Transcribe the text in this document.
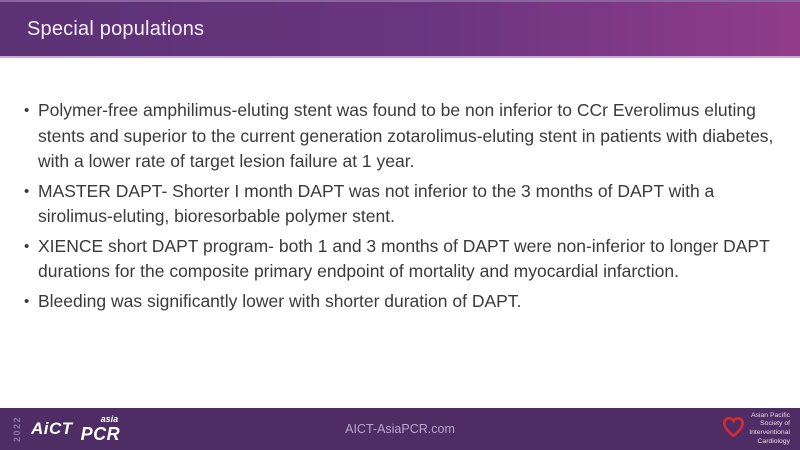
Special populations
• Polymer-free amphilimus-eluting stent was found to be non inferior to CCr Everolimus eluting stents and superior to the current generation zotarolimus-eluting stent in patients with diabetes, with a lower rate of target lesion failure at 1 year.
• MASTER DAPT- Shorter I month DAPT was not inferior to the 3 months of DAPT with a sirolimus-eluting, bioresorbable polymer stent.
• XIENCE short DAPT program- both 1 and 3 months of DAPT were non-inferior to longer DAPT durations for the composite primary endpoint of mortality and myocardial infarction.
• Bleeding was significantly lower with shorter duration of DAPT.
2022 AiCT	asia
PCR	AICT-AsiaPCR.com
Asian Pacific
Society of
Interventional
Cardiology
